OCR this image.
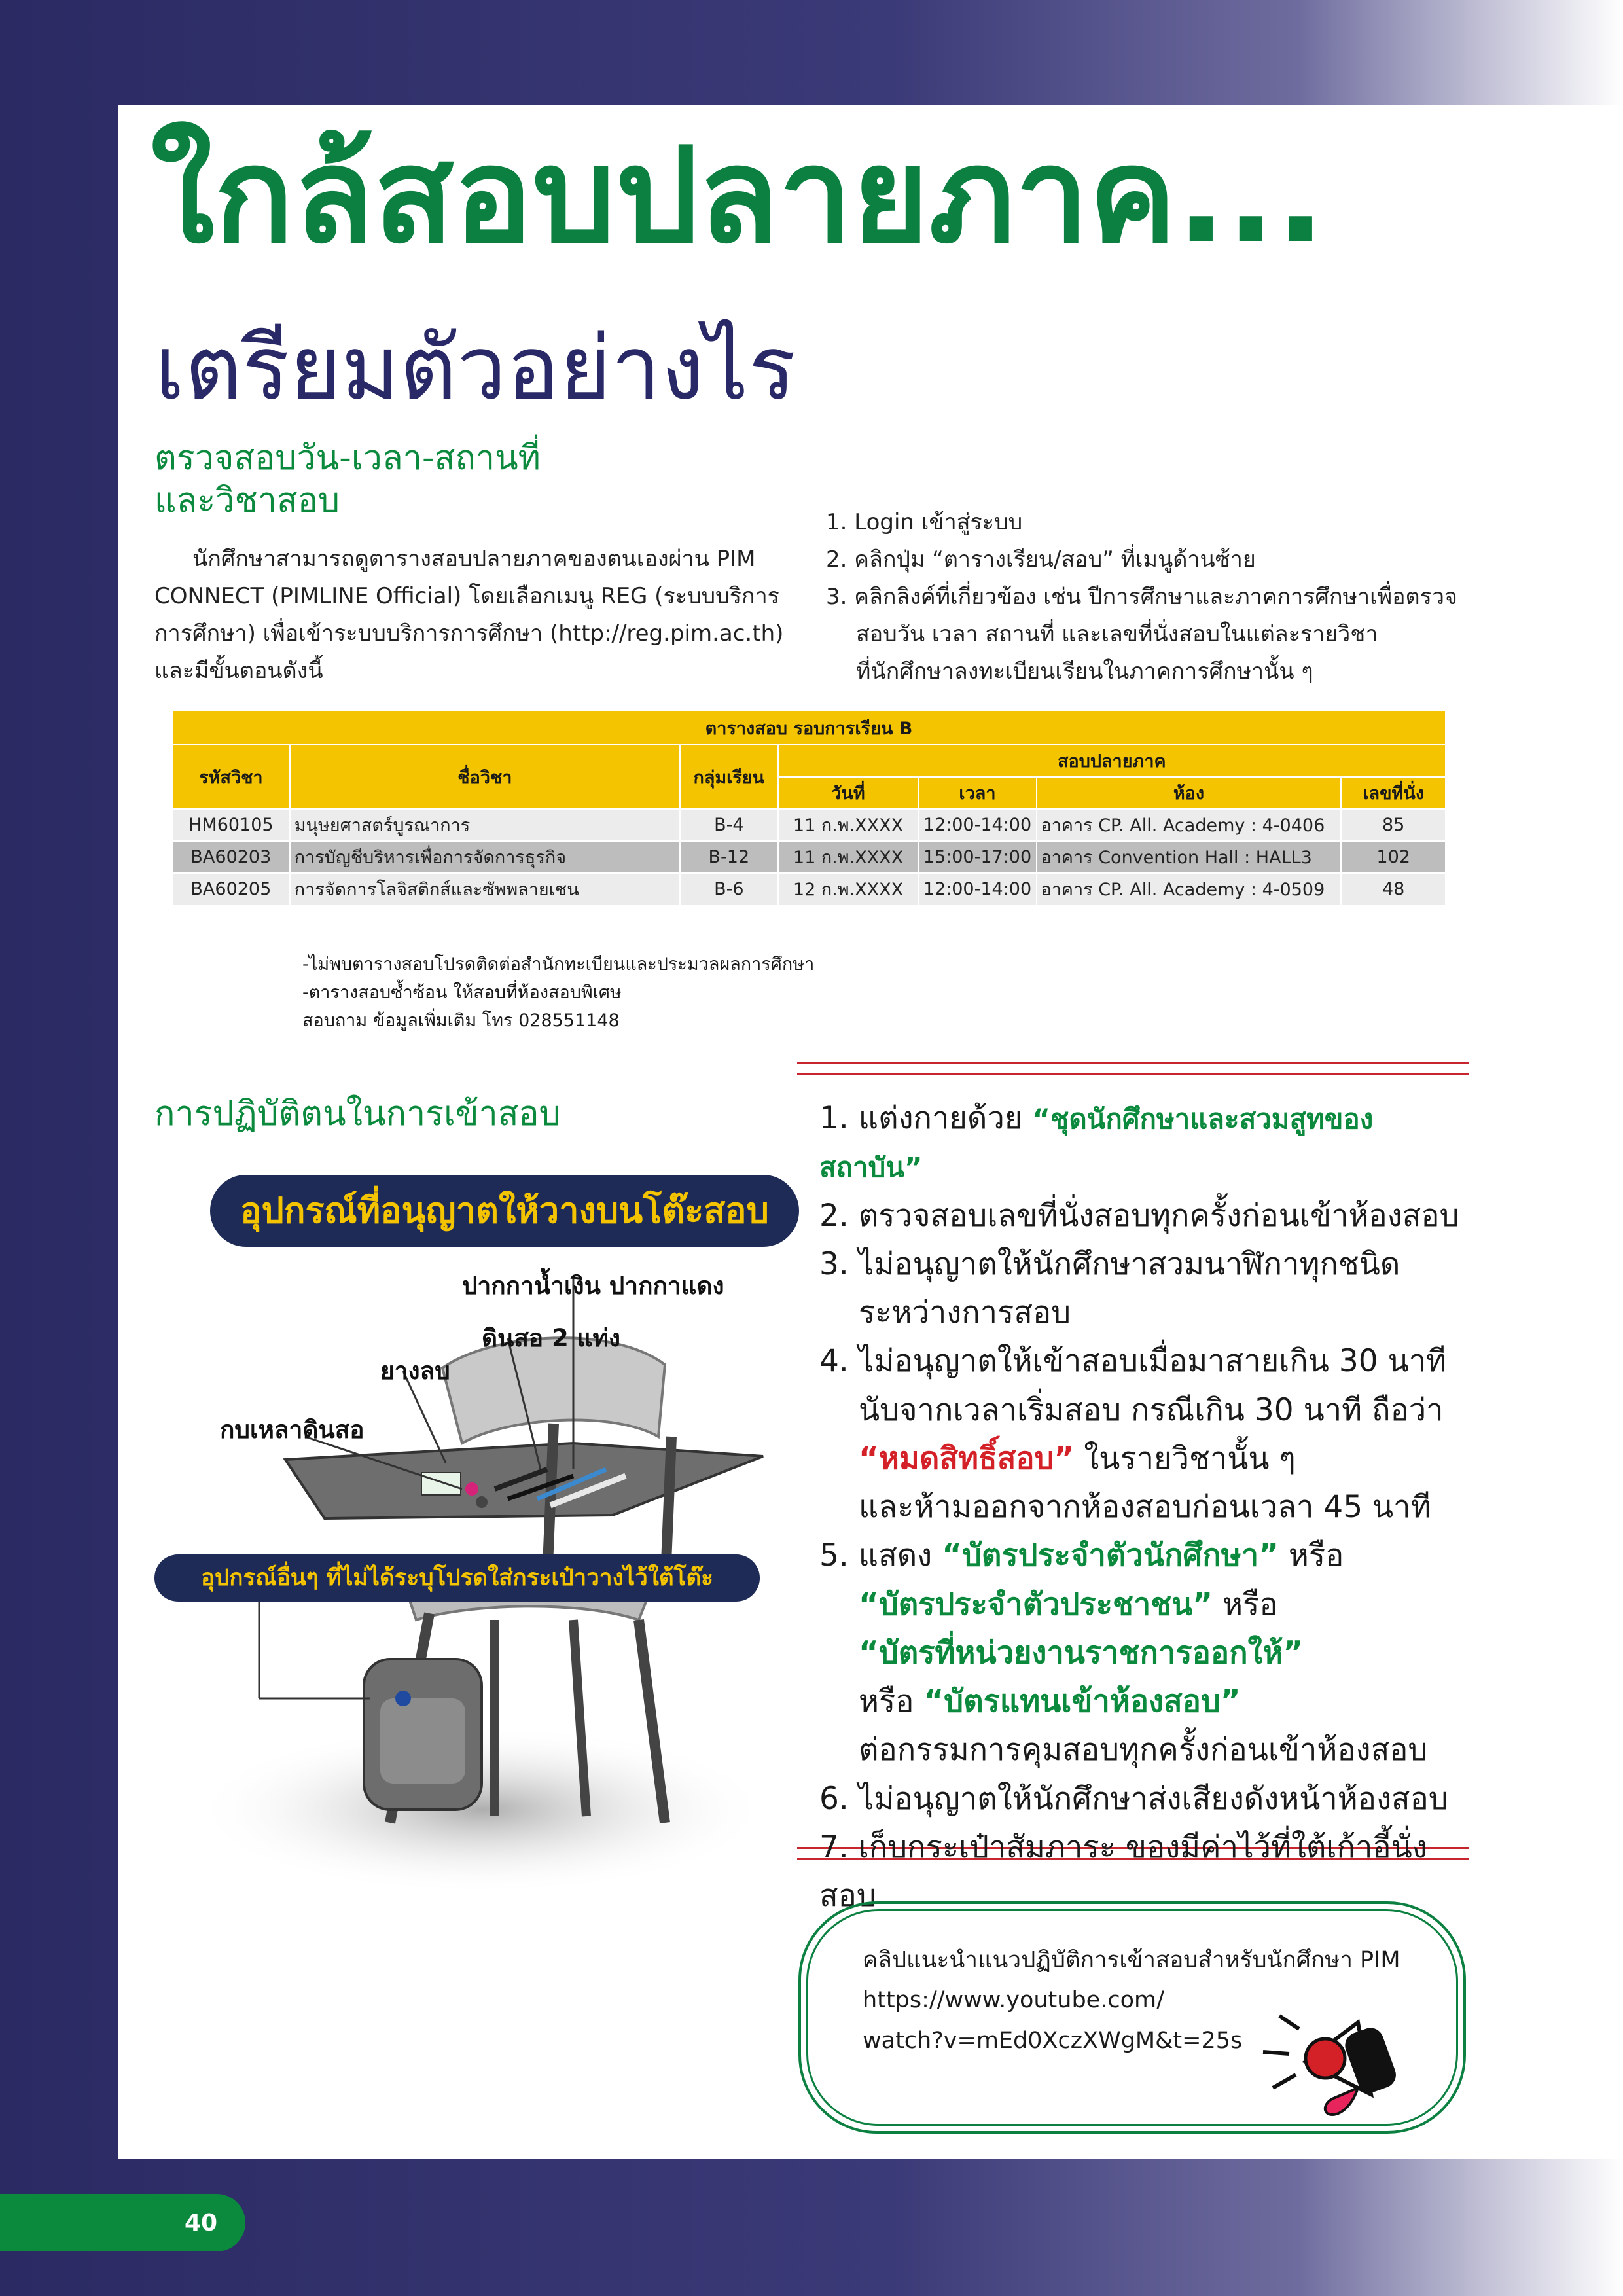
ใกล้สอบปลายภาค...
เตรียมตัวอย่างไร
ตรวจสอบวัน-เวลา-สถานที่
และวิชาสอบ
นักศึกษาสามารถดูตารางสอบปลายภาคของตนเองผ่าน PIM
CONNECT (PIMLINE Official) โดยเลือกเมนู REG (ระบบบริการ
การศึกษา) เพื่อเข้าระบบบริการการศึกษา (http://reg.pim.ac.th)
และมีขั้นตอนดังนี้
1. Login เข้าสู่ระบบ
2. คลิกปุ่ม “ตารางเรียน/สอบ” ที่เมนูด้านซ้าย
3. คลิกลิงค์ที่เกี่ยวข้อง เช่น ปีการศึกษาและภาคการศึกษาเพื่อตรวจ
สอบวัน เวลา สถานที่ และเลขที่นั่งสอบในแต่ละรายวิชา
ที่นักศึกษาลงทะเบียนเรียนในภาคการศึกษานั้น ๆ
ตารางสอบ รอบการเรียน B						
รหัสวิชา	ชื่อวิชา	กลุ่มเรียน	สอบปลายภาค			
			วันที่	เวลา	ห้อง	เลขที่นั่ง
HM60105	มนุษยศาสตร์บูรณาการ	B-4	11 ก.พ.XXXX	12:00-14:00	อาคาร CP. All. Academy : 4-0406	85
BA60203	การบัญชีบริหารเพื่อการจัดการธุรกิจ	B-12	11 ก.พ.XXXX	15:00-17:00	อาคาร Convention Hall : HALL3	102
BA60205	การจัดการโลจิสติกส์และซัพพลายเชน	B-6	12 ก.พ.XXXX	12:00-14:00	อาคาร CP. All. Academy : 4-0509	48
-ไม่พบตารางสอบโปรดติดต่อสำนักทะเบียนและประมวลผลการศึกษา
-ตารางสอบซ้ำซ้อน ให้สอบที่ห้องสอบพิเศษ
สอบถาม ข้อมูลเพิ่มเติม โทร 028551148
การปฏิบัติตนในการเข้าสอบ
อุปกรณ์ที่อนุญาตให้วางบนโต๊ะสอบ
ปากกาน้ำเงิน ปากกาแดง
ดินสอ 2 แท่ง
ยางลบ
กบเหลาดินสอ
อุปกรณ์อื่นๆ ที่ไม่ได้ระบุโปรดใส่กระเป๋าวางไว้ใต้โต๊ะ

1. แต่งกายด้วย “ชุดนักศึกษาและสวมสูทของสถาบัน”

2. ตรวจสอบเลขที่นั่งสอบทุกครั้งก่อนเข้าห้องสอบ

3. ไม่อนุญาตให้นักศึกษาสวมนาฬิกาทุกชนิด

ระหว่างการสอบ

4. ไม่อนุญาตให้เข้าสอบเมื่อมาสายเกิน 30 นาที

นับจากเวลาเริ่มสอบ กรณีเกิน 30 นาที ถือว่า

“หมดสิทธิ์สอบ” ในรายวิชานั้น ๆ

และห้ามออกจากห้องสอบก่อนเวลา 45 นาที

5. แสดง “บัตรประจำตัวนักศึกษา” หรือ

“บัตรประจำตัวประชาชน” หรือ

“บัตรที่หน่วยงานราชการออกให้”

หรือ “บัตรแทนเข้าห้องสอบ”

ต่อกรรมการคุมสอบทุกครั้งก่อนเข้าห้องสอบ

6. ไม่อนุญาตให้นักศึกษาส่งเสียงดังหน้าห้องสอบ

7. เก็บกระเป๋าสัมภาระ ของมีค่าไว้ที่ใต้เก้าอี้นั่งสอบ

คลิปแนะนำแนวปฏิบัติการเข้าสอบสำหรับนักศึกษา PIM
https://www.youtube.com/
watch?v=mEd0XczXWgM&t=25s
40
